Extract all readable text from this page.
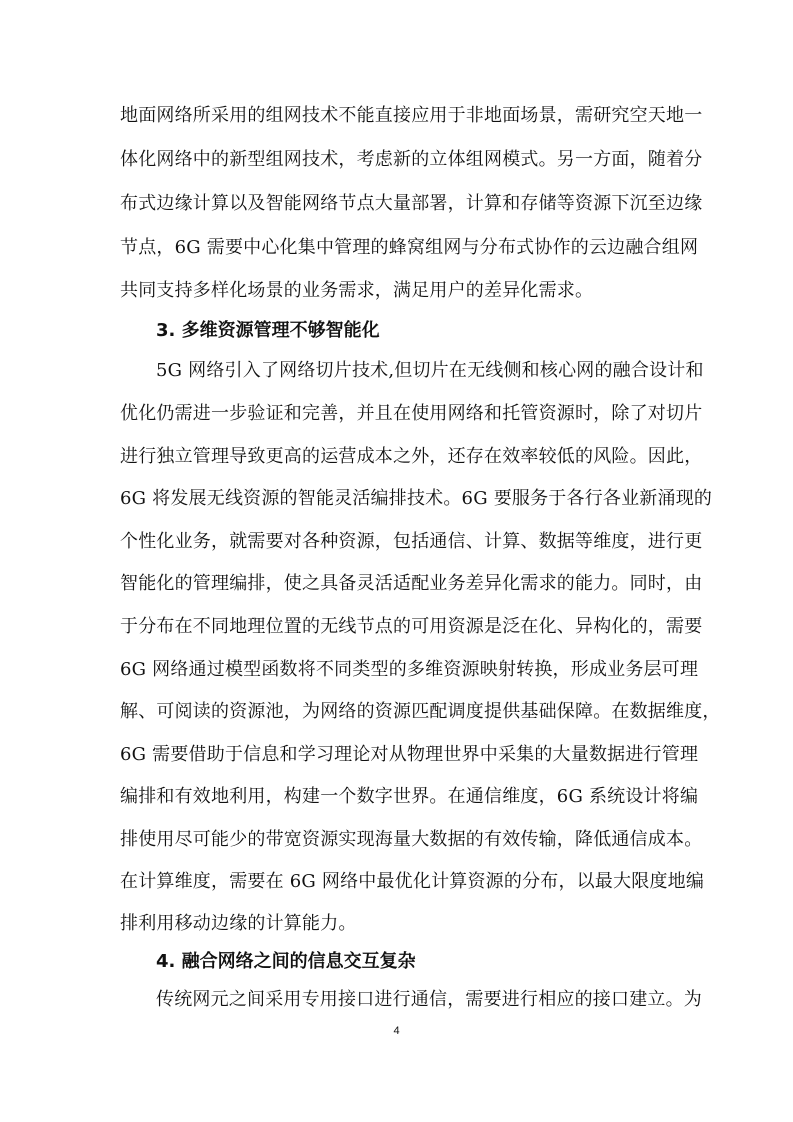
地面网络所采用的组网技术不能直接应用于非地面场景，需研究空天地一
体化网络中的新型组网技术，考虑新的立体组网模式。另一方面，随着分
布式边缘计算以及智能网络节点大量部署，计算和存储等资源下沉至边缘
节点，6G 需要中心化集中管理的蜂窝组网与分布式协作的云边融合组网
共同支持多样化场景的业务需求，满足用户的差异化需求。
3. 多维资源管理不够智能化
5G 网络引入了网络切片技术,但切片在无线侧和核心网的融合设计和
优化仍需进一步验证和完善，并且在使用网络和托管资源时，除了对切片
进行独立管理导致更高的运营成本之外，还存在效率较低的风险。因此，
6G 将发展无线资源的智能灵活编排技术。6G 要服务于各行各业新涌现的
个性化业务，就需要对各种资源，包括通信、计算、数据等维度，进行更
智能化的管理编排，使之具备灵活适配业务差异化需求的能力。同时，由
于分布在不同地理位置的无线节点的可用资源是泛在化、异构化的，需要
6G 网络通过模型函数将不同类型的多维资源映射转换，形成业务层可理
解、可阅读的资源池，为网络的资源匹配调度提供基础保障。在数据维度，
6G 需要借助于信息和学习理论对从物理世界中采集的大量数据进行管理
编排和有效地利用，构建一个数字世界。在通信维度，6G 系统设计将编
排使用尽可能少的带宽资源实现海量大数据的有效传输，降低通信成本。
在计算维度，需要在 6G 网络中最优化计算资源的分布，以最大限度地编
排利用移动边缘的计算能力。
4. 融合网络之间的信息交互复杂
传统网元之间采用专用接口进行通信，需要进行相应的接口建立。为
4
